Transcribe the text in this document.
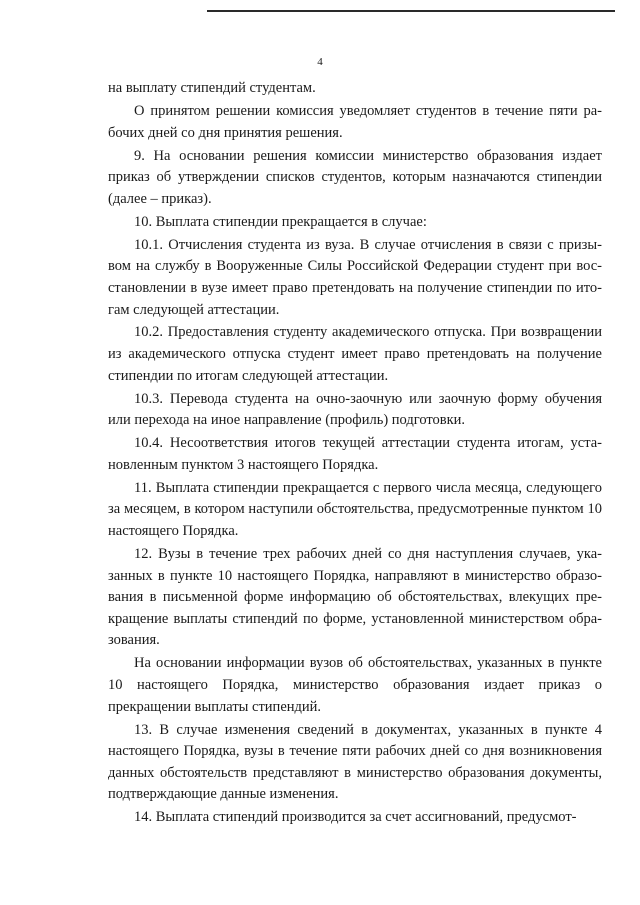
4

на выплату стипендий студентам.

О принятом решении комиссия уведомляет студентов в течение пяти рабочих дней со дня принятия решения.

9. На основании решения комиссии министерство образования издает приказ об утверждении списков студентов, которым назначаются стипендии (далее – приказ).

10. Выплата стипендии прекращается в случае:

10.1. Отчисления студента из вуза. В случае отчисления в связи с призывом на службу в Вооруженные Силы Российской Федерации студент при восстановлении в вузе имеет право претендовать на получение стипендии по итогам следующей аттестации.

10.2. Предоставления студенту академического отпуска. При возвращении из академического отпуска студент имеет право претендовать на получение стипендии по итогам следующей аттестации.

10.3. Перевода студента на очно-заочную или заочную форму обучения или перехода на иное направление (профиль) подготовки.

10.4. Несоответствия итогов текущей аттестации студента итогам, установленным пунктом 3 настоящего Порядка.

11. Выплата стипендии прекращается с первого числа месяца, следующего за месяцем, в котором наступили обстоятельства, предусмотренные пунктом 10 настоящего Порядка.

12. Вузы в течение трех рабочих дней со дня наступления случаев, указанных в пункте 10 настоящего Порядка, направляют в министерство образования в письменной форме информацию об обстоятельствах, влекущих прекращение выплаты стипендий по форме, установленной министерством образования.

На основании информации вузов об обстоятельствах, указанных в пункте 10 настоящего Порядка, министерство образования издает приказ о прекращении выплаты стипендий.

13. В случае изменения сведений в документах, указанных в пункте 4 настоящего Порядка, вузы в течение пяти рабочих дней со дня возникновения данных обстоятельств представляют в министерство образования документы, подтверждающие данные изменения.

14. Выплата стипендий производится за счет ассигнований, предусмот-
